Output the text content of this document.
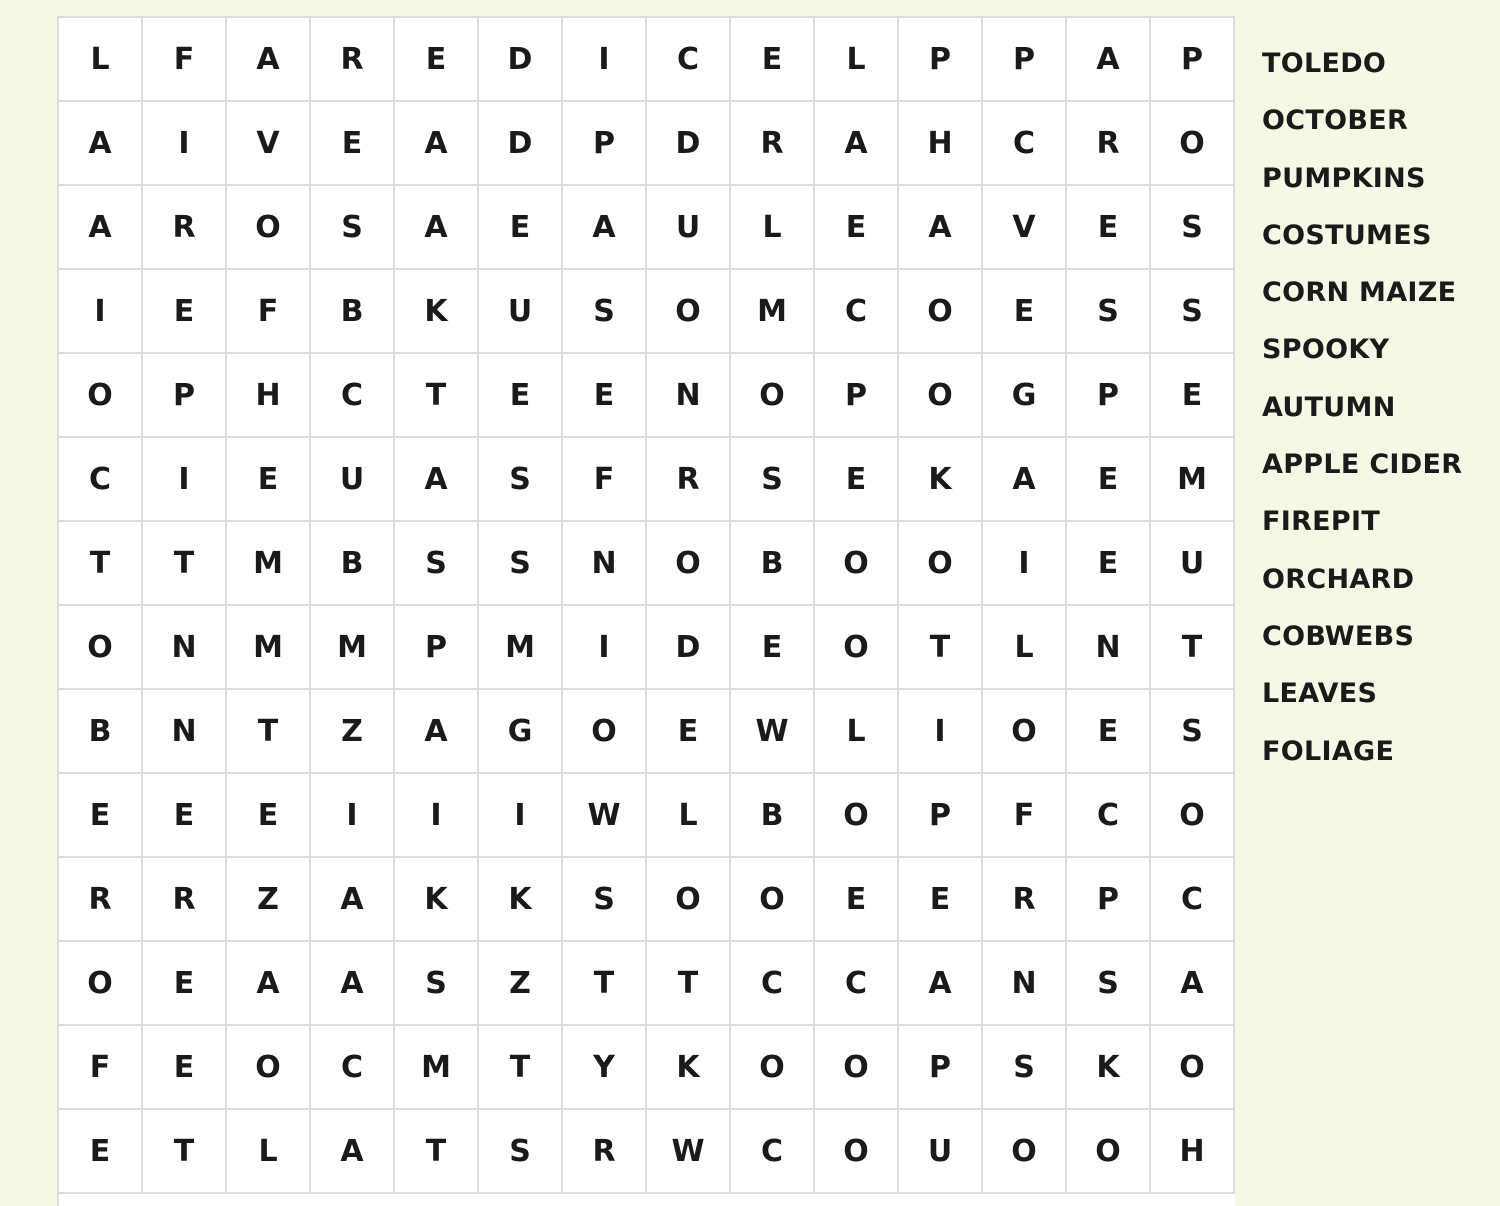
L	F	A	R	E	D	I	C	E	L	P	P	A	P
A	I	V	E	A	D	P	D	R	A	H	C	R	O
A	R	O	S	A	E	A	U	L	E	A	V	E	S
I	E	F	B	K	U	S	O	M	C	O	E	S	S
O	P	H	C	T	E	E	N	O	P	O	G	P	E
C	I	E	U	A	S	F	R	S	E	K	A	E	M
T	T	M	B	S	S	N	O	B	O	O	I	E	U
O	N	M	M	P	M	I	D	E	O	T	L	N	T
B	N	T	Z	A	G	O	E	W	L	I	O	E	S
E	E	E	I	I	I	W	L	B	O	P	F	C	O
R	R	Z	A	K	K	S	O	O	E	E	R	P	C
O	E	A	A	S	Z	T	T	C	C	A	N	S	A
F	E	O	C	M	T	Y	K	O	O	P	S	K	O
E	T	L	A	T	S	R	W	C	O	U	O	O	H
TOLEDO
OCTOBER
PUMPKINS
COSTUMES
CORN MAIZE
SPOOKY
AUTUMN
APPLE CIDER
FIREPIT
ORCHARD
COBWEBS
LEAVES
FOLIAGE
